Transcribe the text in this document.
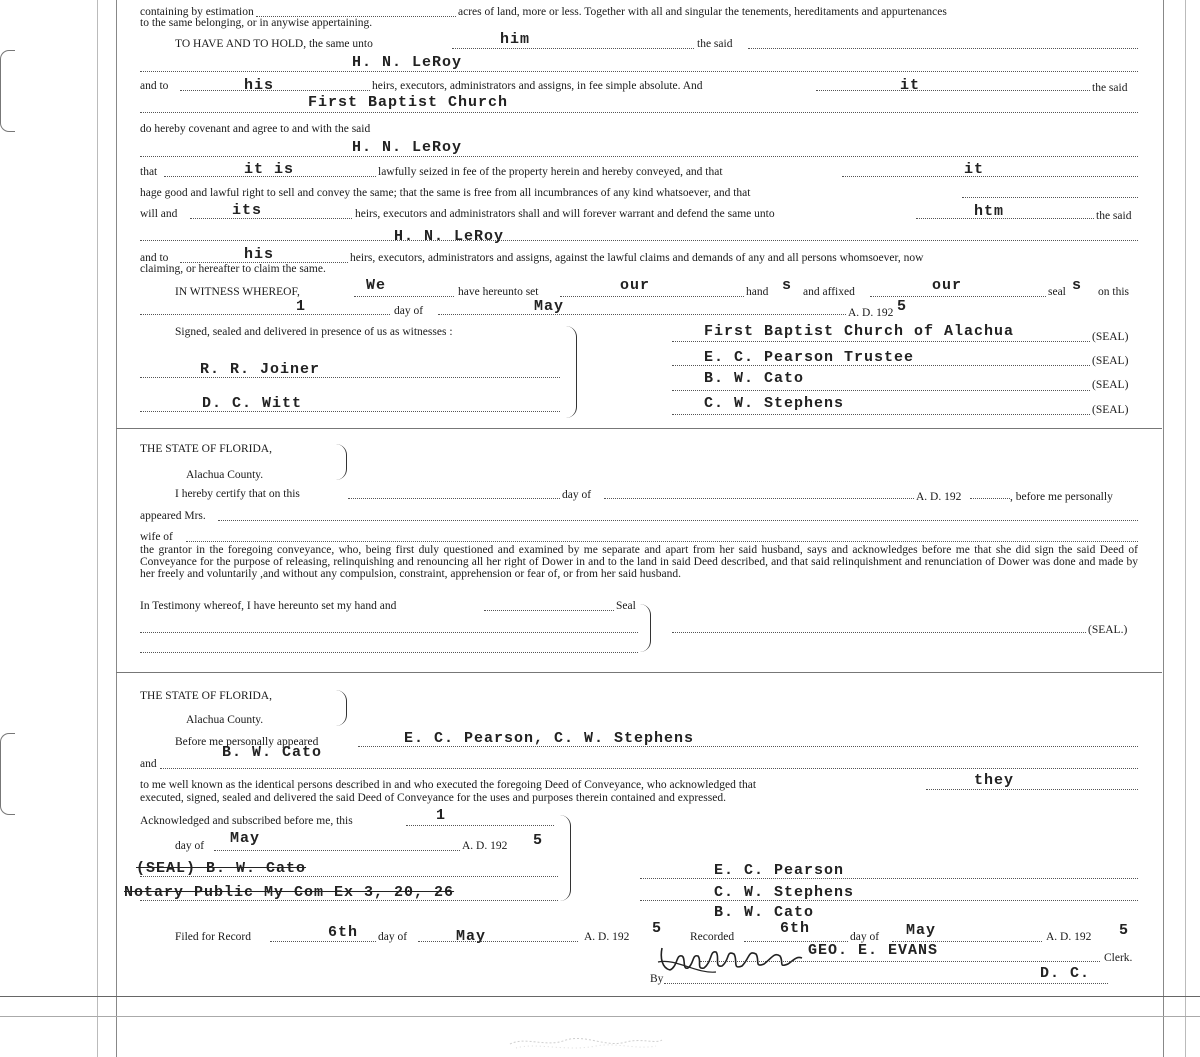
containing by estimation	acres of land, more or less. Together with all and singular the tenements, hereditaments and appurtenances
to the same belonging, or in anywise appertaining.
TO HAVE AND TO HOLD, the same unto	him	the said
H. N. LeRoy
and to	his	heirs, executors, administrators and assigns, in fee simple absolute. And	it	the said
First Baptist Church
do hereby covenant and agree to and with the said
H. N. LeRoy
that	it is	lawfully seized in fee of the property herein and hereby conveyed, and that	it
hage good and lawful right to sell and convey the same; that the same is free from all incumbrances of any kind whatsoever, and that
will and	its	heirs, executors and administrators shall and will forever warrant and defend the same unto	htm	the said
H. N. LeRoy
and to	his	heirs, executors, administrators and assigns, against the lawful claims and demands of any and all persons whomsoever, now
claiming, or hereafter to claim the same.
IN WITNESS WHEREOF,	We	have hereunto set	our	hand s and affixed	our	seal s on this
1	day of	May	A. D. 192 5
Signed, sealed and delivered in presence of us as witnesses :
R. R. Joiner
D. C. Witt
First Baptist Church of Alachua	(SEAL)
E. C. Pearson Trustee	(SEAL)
B. W. Cato	(SEAL)
C. W. Stephens	(SEAL)
THE STATE OF FLORIDA,
Alachua County.
I hereby certify that on this	day of	A. D. 192	, before me personally
appeared Mrs.
wife of
the grantor in the foregoing conveyance, who, being first duly questioned and examined by me separate and apart from her said husband, says and acknowledges before me that she did sign the said Deed of Conveyance for the purpose of releasing, relinquishing and renouncing all her right of Dower in and to the land in said Deed described, and that said relinquishment and renunciation of Dower was done and made by her freely and voluntarily ,and without any compulsion, constraint, apprehension or fear of, or from her said husband.
In Testimony whereof, I have hereunto set my hand and	Seal
(SEAL.)
THE STATE OF FLORIDA,
Alachua County.
Before me personally appeared	E. C. Pearson, C. W. Stephens
B. W. Cato
and
to me well known as the identical persons described in and who executed the foregoing Deed of Conveyance, who acknowledged that	they
executed, signed, sealed and delivered the said Deed of Conveyance for the uses and purposes therein contained and expressed.
Acknowledged and subscribed before me, this	1
day of May	A. D. 192 5
(SEAL) B. W. Cato
Notary Public My Com Ex 3, 20, 26
E. C. Pearson
C. W. Stephens
B. W. Cato
Filed for Record	6th day of	May	A. D. 192 5 Recorded	6th	day of May	A. D. 192 5
GEO. E. EVANS	Clerk.
By	D. C.
